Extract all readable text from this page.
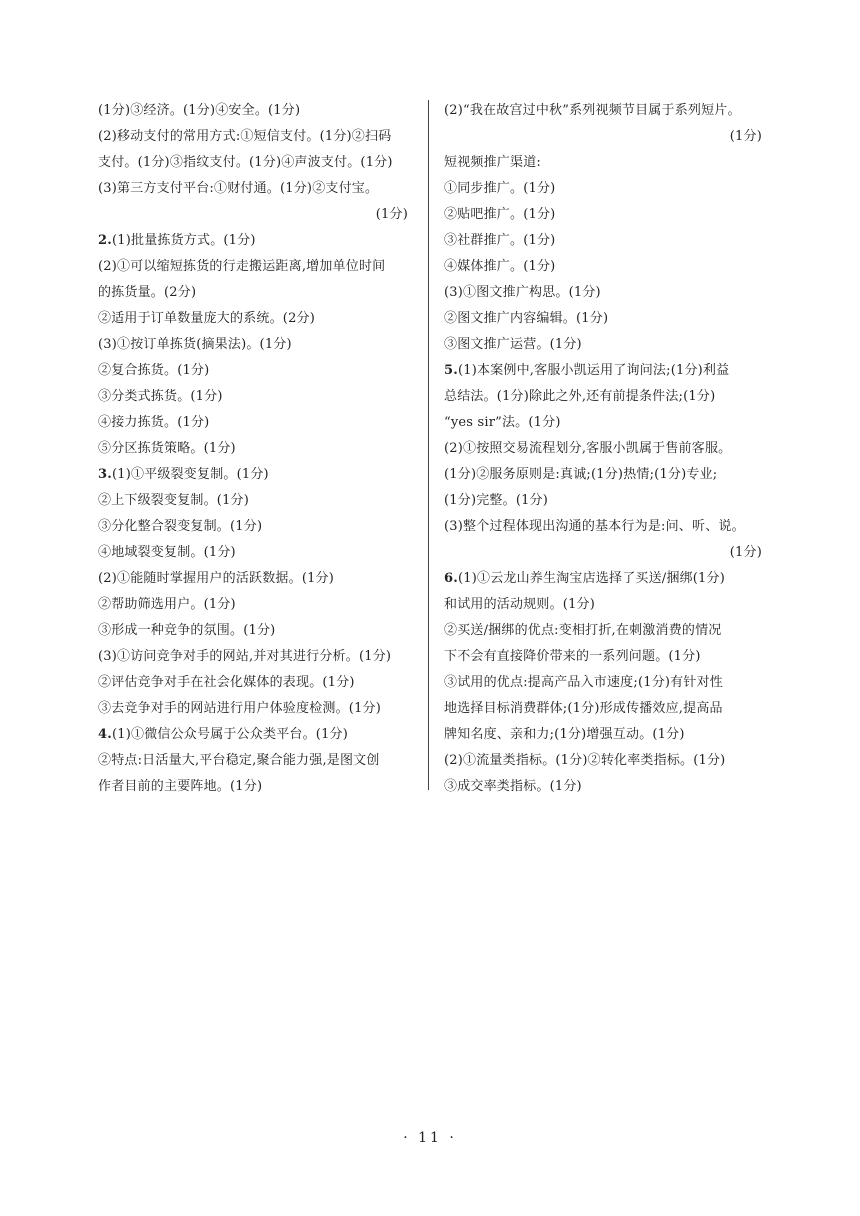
(1分)③经济。(1分)④安全。(1分)
(2)移动支付的常用方式:①短信支付。(1分)②扫码
支付。(1分)③指纹支付。(1分)④声波支付。(1分)
(3)第三方支付平台:①财付通。(1分)②支付宝。
(1分)
2.(1)批量拣货方式。(1分)
(2)①可以缩短拣货的行走搬运距离,增加单位时间
的拣货量。(2分)
②适用于订单数量庞大的系统。(2分)
(3)①按订单拣货(摘果法)。(1分)
②复合拣货。(1分)
③分类式拣货。(1分)
④接力拣货。(1分)
⑤分区拣货策略。(1分)
3.(1)①平级裂变复制。(1分)
②上下级裂变复制。(1分)
③分化整合裂变复制。(1分)
④地域裂变复制。(1分)
(2)①能随时掌握用户的活跃数据。(1分)
②帮助筛选用户。(1分)
③形成一种竞争的氛围。(1分)
(3)①访问竞争对手的网站,并对其进行分析。(1分)
②评估竞争对手在社会化媒体的表现。(1分)
③去竞争对手的网站进行用户体验度检测。(1分)
4.(1)①微信公众号属于公众类平台。(1分)
②特点:日活量大,平台稳定,聚合能力强,是图文创
作者目前的主要阵地。(1分)
(2)“我在故宫过中秋”系列视频节目属于系列短片。
(1分)
短视频推广渠道:
①同步推广。(1分)
②贴吧推广。(1分)
③社群推广。(1分)
④媒体推广。(1分)
(3)①图文推广构思。(1分)
②图文推广内容编辑。(1分)
③图文推广运营。(1分)
5.(1)本案例中,客服小凯运用了询问法;(1分)利益
总结法。(1分)除此之外,还有前提条件法;(1分)
“yes sir”法。(1分)
(2)①按照交易流程划分,客服小凯属于售前客服。
(1分)②服务原则是:真诚;(1分)热情;(1分)专业;
(1分)完整。(1分)
(3)整个过程体现出沟通的基本行为是:问、听、说。
(1分)
6.(1)①云龙山养生淘宝店选择了买送/捆绑(1分)
和试用的活动规则。(1分)
②买送/捆绑的优点:变相打折,在刺激消费的情况
下不会有直接降价带来的一系列问题。(1分)
③试用的优点:提高产品入市速度;(1分)有针对性
地选择目标消费群体;(1分)形成传播效应,提高品
牌知名度、亲和力;(1分)增强互动。(1分)
(2)①流量类指标。(1分)②转化率类指标。(1分)
③成交率类指标。(1分)
· 11 ·
